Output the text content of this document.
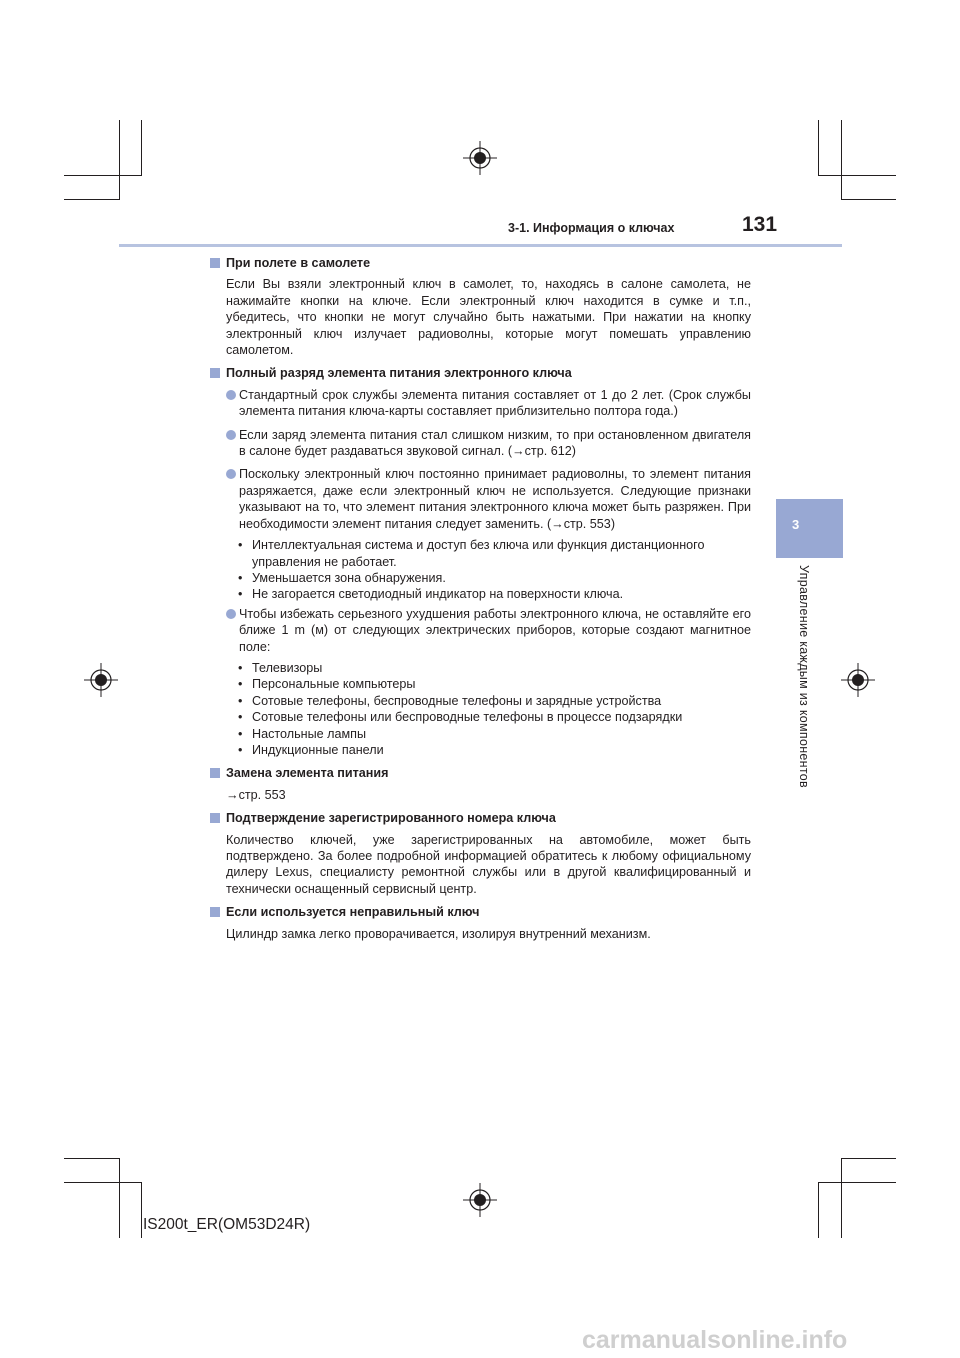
3-1. Информация о ключах	131
3
Управление каждым из компонентов
При полете в самолете

Если Вы взяли электронный ключ в самолет, то, находясь в салоне самолета, не нажимайте кнопки на ключе. Если электронный ключ находится в сумке и т.п., убедитесь, что кнопки не могут случайно быть нажатыми. При нажатии на кнопку электронный ключ излучает радиоволны, которые могут помешать управлению самолетом.

Полный разряд элемента питания электронного ключа
Стандартный срок службы элемента питания составляет от 1 до 2 лет. (Срок службы элемента питания ключа-карты составляет приблизительно полтора года.)
Если заряд элемента питания стал слишком низким, то при остановленном двигателя в салоне будет раздаваться звуковой сигнал. (→стр. 612)
Поскольку электронный ключ постоянно принимает радиоволны, то элемент питания разряжается, даже если электронный ключ не используется. Следующие признаки указывают на то, что элемент питания электронного ключа может быть разряжен. При необходимости элемент питания следует заменить. (→стр. 553)
• Интеллектуальная система и доступ без ключа или функция дистанционного управления не работает.
• Уменьшается зона обнаружения.
• Не загорается светодиодный индикатор на поверхности ключа.
Чтобы избежать серьезного ухудшения работы электронного ключа, не оставляйте его ближе 1 m (м) от следующих электрических приборов, которые создают магнитное поле:
• Телевизоры
• Персональные компьютеры
• Сотовые телефоны, беспроводные телефоны и зарядные устройства
• Сотовые телефоны или беспроводные телефоны в процессе подзарядки
• Настольные лампы
• Индукционные панели
Замена элемента питания

→стр. 553

Подтверждение зарегистрированного номера ключа

Количество ключей, уже зарегистрированных на автомобиле, может быть подтверждено. За более подробной информацией обратитесь к любому официальному дилеру Lexus, специалисту ремонтной службы или в другой квалифицированный и технически оснащенный сервисный центр.

Если используется неправильный ключ

Цилиндр замка легко проворачивается, изолируя внутренний механизм.

IS200t_ER(OM53D24R)
carmanualsonline.info
